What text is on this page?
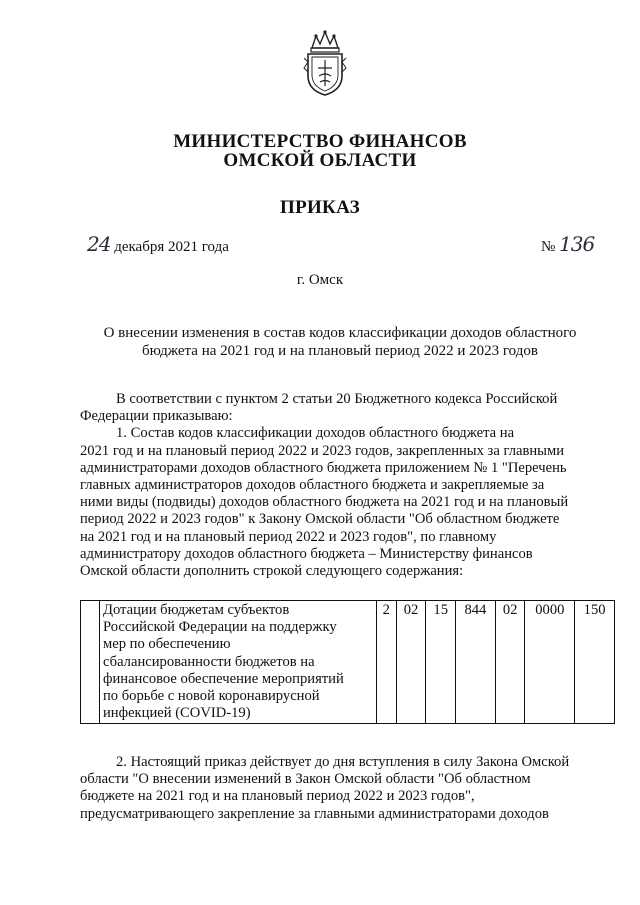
МИНИСТЕРСТВО ФИНАНСОВ
ОМСКОЙ ОБЛАСТИ
ПРИКАЗ
24 декабря 2021 года	№ 136
г. Омск
О внесении изменения в состав кодов классификации доходов областного
бюджета на 2021 год и на плановый период 2022 и 2023 годов

В соответствии с пунктом 2 статьи 20 Бюджетного кодекса Российской

Федерации приказываю:

1. Состав кодов классификации доходов областного бюджета на

2021 год и на плановый период 2022 и 2023 годов, закрепленных за главными

администраторами доходов областного бюджета приложением № 1 "Перечень

главных администраторов доходов областного бюджета и закрепляемые за

ними виды (подвиды) доходов областного бюджета на 2021 год и на плановый

период 2022 и 2023 годов" к Закону Омской области "Об областном бюджете

на 2021 год и на плановый период 2022 и 2023 годов", по главному

администратору доходов областного бюджета – Министерству финансов

Омской области дополнить строкой следующего содержания:

Дотации бюджетам субъектов
Российской Федерации на поддержку
мер по обеспечению
сбалансированности бюджетов на
финансовое обеспечение мероприятий
по борьбе с новой коронавирусной
инфекцией (COVID-19)
	2	02	15	844	02	0000	150

2. Настоящий приказ действует до дня вступления в силу Закона Омской

области "О внесении изменений в Закон Омской области "Об областном

бюджете на 2021 год и на плановый период 2022 и 2023 годов",

предусматривающего закрепление за главными администраторами доходов
